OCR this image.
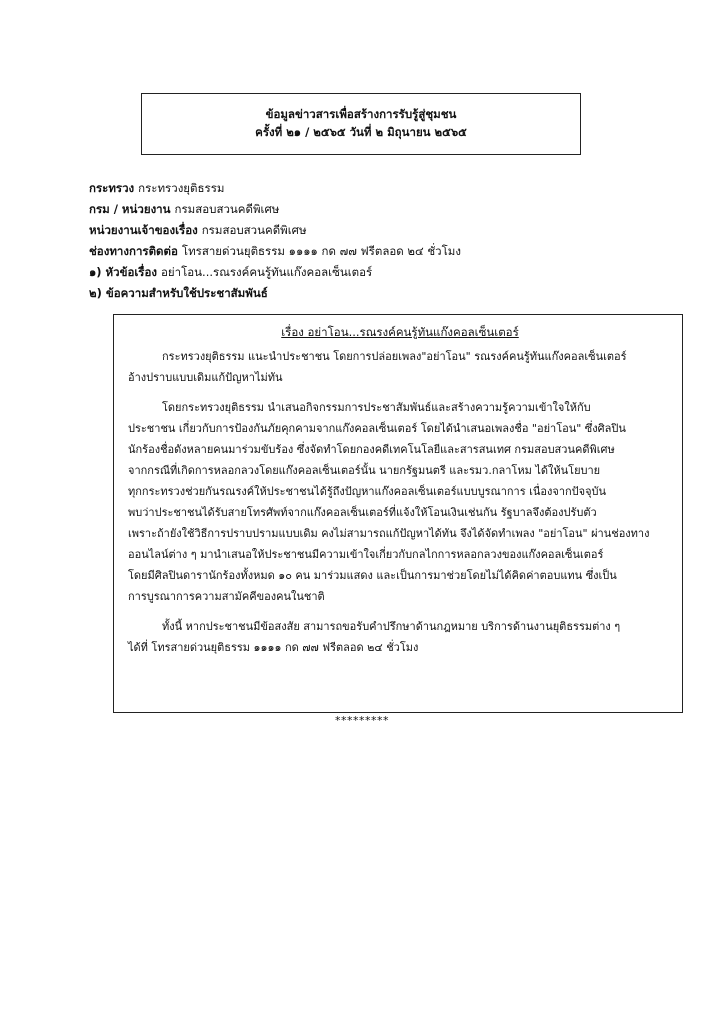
ข้อมูลข่าวสารเพื่อสร้างการรับรู้สู่ชุมชน
ครั้งที่ ๒๑ / ๒๕๖๕ วันที่ ๒ มิถุนายน ๒๕๖๕
กระทรวง กระทรวงยุติธรรม
กรม / หน่วยงาน กรมสอบสวนคดีพิเศษ
หน่วยงานเจ้าของเรื่อง กรมสอบสวนคดีพิเศษ
ช่องทางการติดต่อ โทรสายด่วนยุติธรรม ๑๑๑๑ กด ๗๗ ฟรีตลอด ๒๔ ชั่วโมง
๑) หัวข้อเรื่อง อย่าโอน...รณรงค์คนรู้ทันแก๊งคอลเซ็นเตอร์
๒) ข้อความสำหรับใช้ประชาสัมพันธ์
เรื่อง อย่าโอน...รณรงค์คนรู้ทันแก๊งคอลเซ็นเตอร์
กระทรวงยุติธรรม แนะนำประชาชน โดยการปล่อยเพลง"อย่าโอน" รณรงค์คนรู้ทันแก๊งคอลเซ็นเตอร์
อ้างปราบแบบเดิมแก้ปัญหาไม่ทัน
โดยกระทรวงยุติธรรม นำเสนอกิจกรรมการประชาสัมพันธ์และสร้างความรู้ความเข้าใจให้กับ
ประชาชน เกี่ยวกับการป้องกันภัยคุกคามจากแก๊งคอลเซ็นเตอร์ โดยได้นำเสนอเพลงชื่อ "อย่าโอน" ซึ่งศิลปิน
นักร้องชื่อดังหลายคนมาร่วมขับร้อง ซึ่งจัดทำโดยกองคดีเทคโนโลยีและสารสนเทศ กรมสอบสวนคดีพิเศษ
จากกรณีที่เกิดการหลอกลวงโดยแก๊งคอลเซ็นเตอร์นั้น นายกรัฐมนตรี และรมว.กลาโหม ได้ให้นโยบาย
ทุกกระทรวงช่วยกันรณรงค์ให้ประชาชนได้รู้ถึงปัญหาแก๊งคอลเซ็นเตอร์แบบบูรณาการ เนื่องจากปัจจุบัน
พบว่าประชาชนได้รับสายโทรศัพท์จากแก๊งคอลเซ็นเตอร์ที่แจ้งให้โอนเงินเช่นกัน รัฐบาลจึงต้องปรับตัว
เพราะถ้ายังใช้วิธีการปราบปรามแบบเดิม คงไม่สามารถแก้ปัญหาได้ทัน จึงได้จัดทำเพลง "อย่าโอน" ผ่านช่องทาง
ออนไลน์ต่าง ๆ มานำเสนอให้ประชาชนมีความเข้าใจเกี่ยวกับกลไกการหลอกลวงของแก๊งคอลเซ็นเตอร์
โดยมีศิลปินดารานักร้องทั้งหมด ๑๐ คน มาร่วมแสดง และเป็นการมาช่วยโดยไม่ได้คิดค่าตอบแทน ซึ่งเป็น
การบูรณาการความสามัคคีของคนในชาติ
ทั้งนี้ หากประชาชนมีข้อสงสัย สามารถขอรับคำปรึกษาด้านกฎหมาย บริการด้านงานยุติธรรมต่าง ๆ
ได้ที่ โทรสายด่วนยุติธรรม ๑๑๑๑ กด ๗๗ ฟรีตลอด ๒๔ ชั่วโมง
*********
